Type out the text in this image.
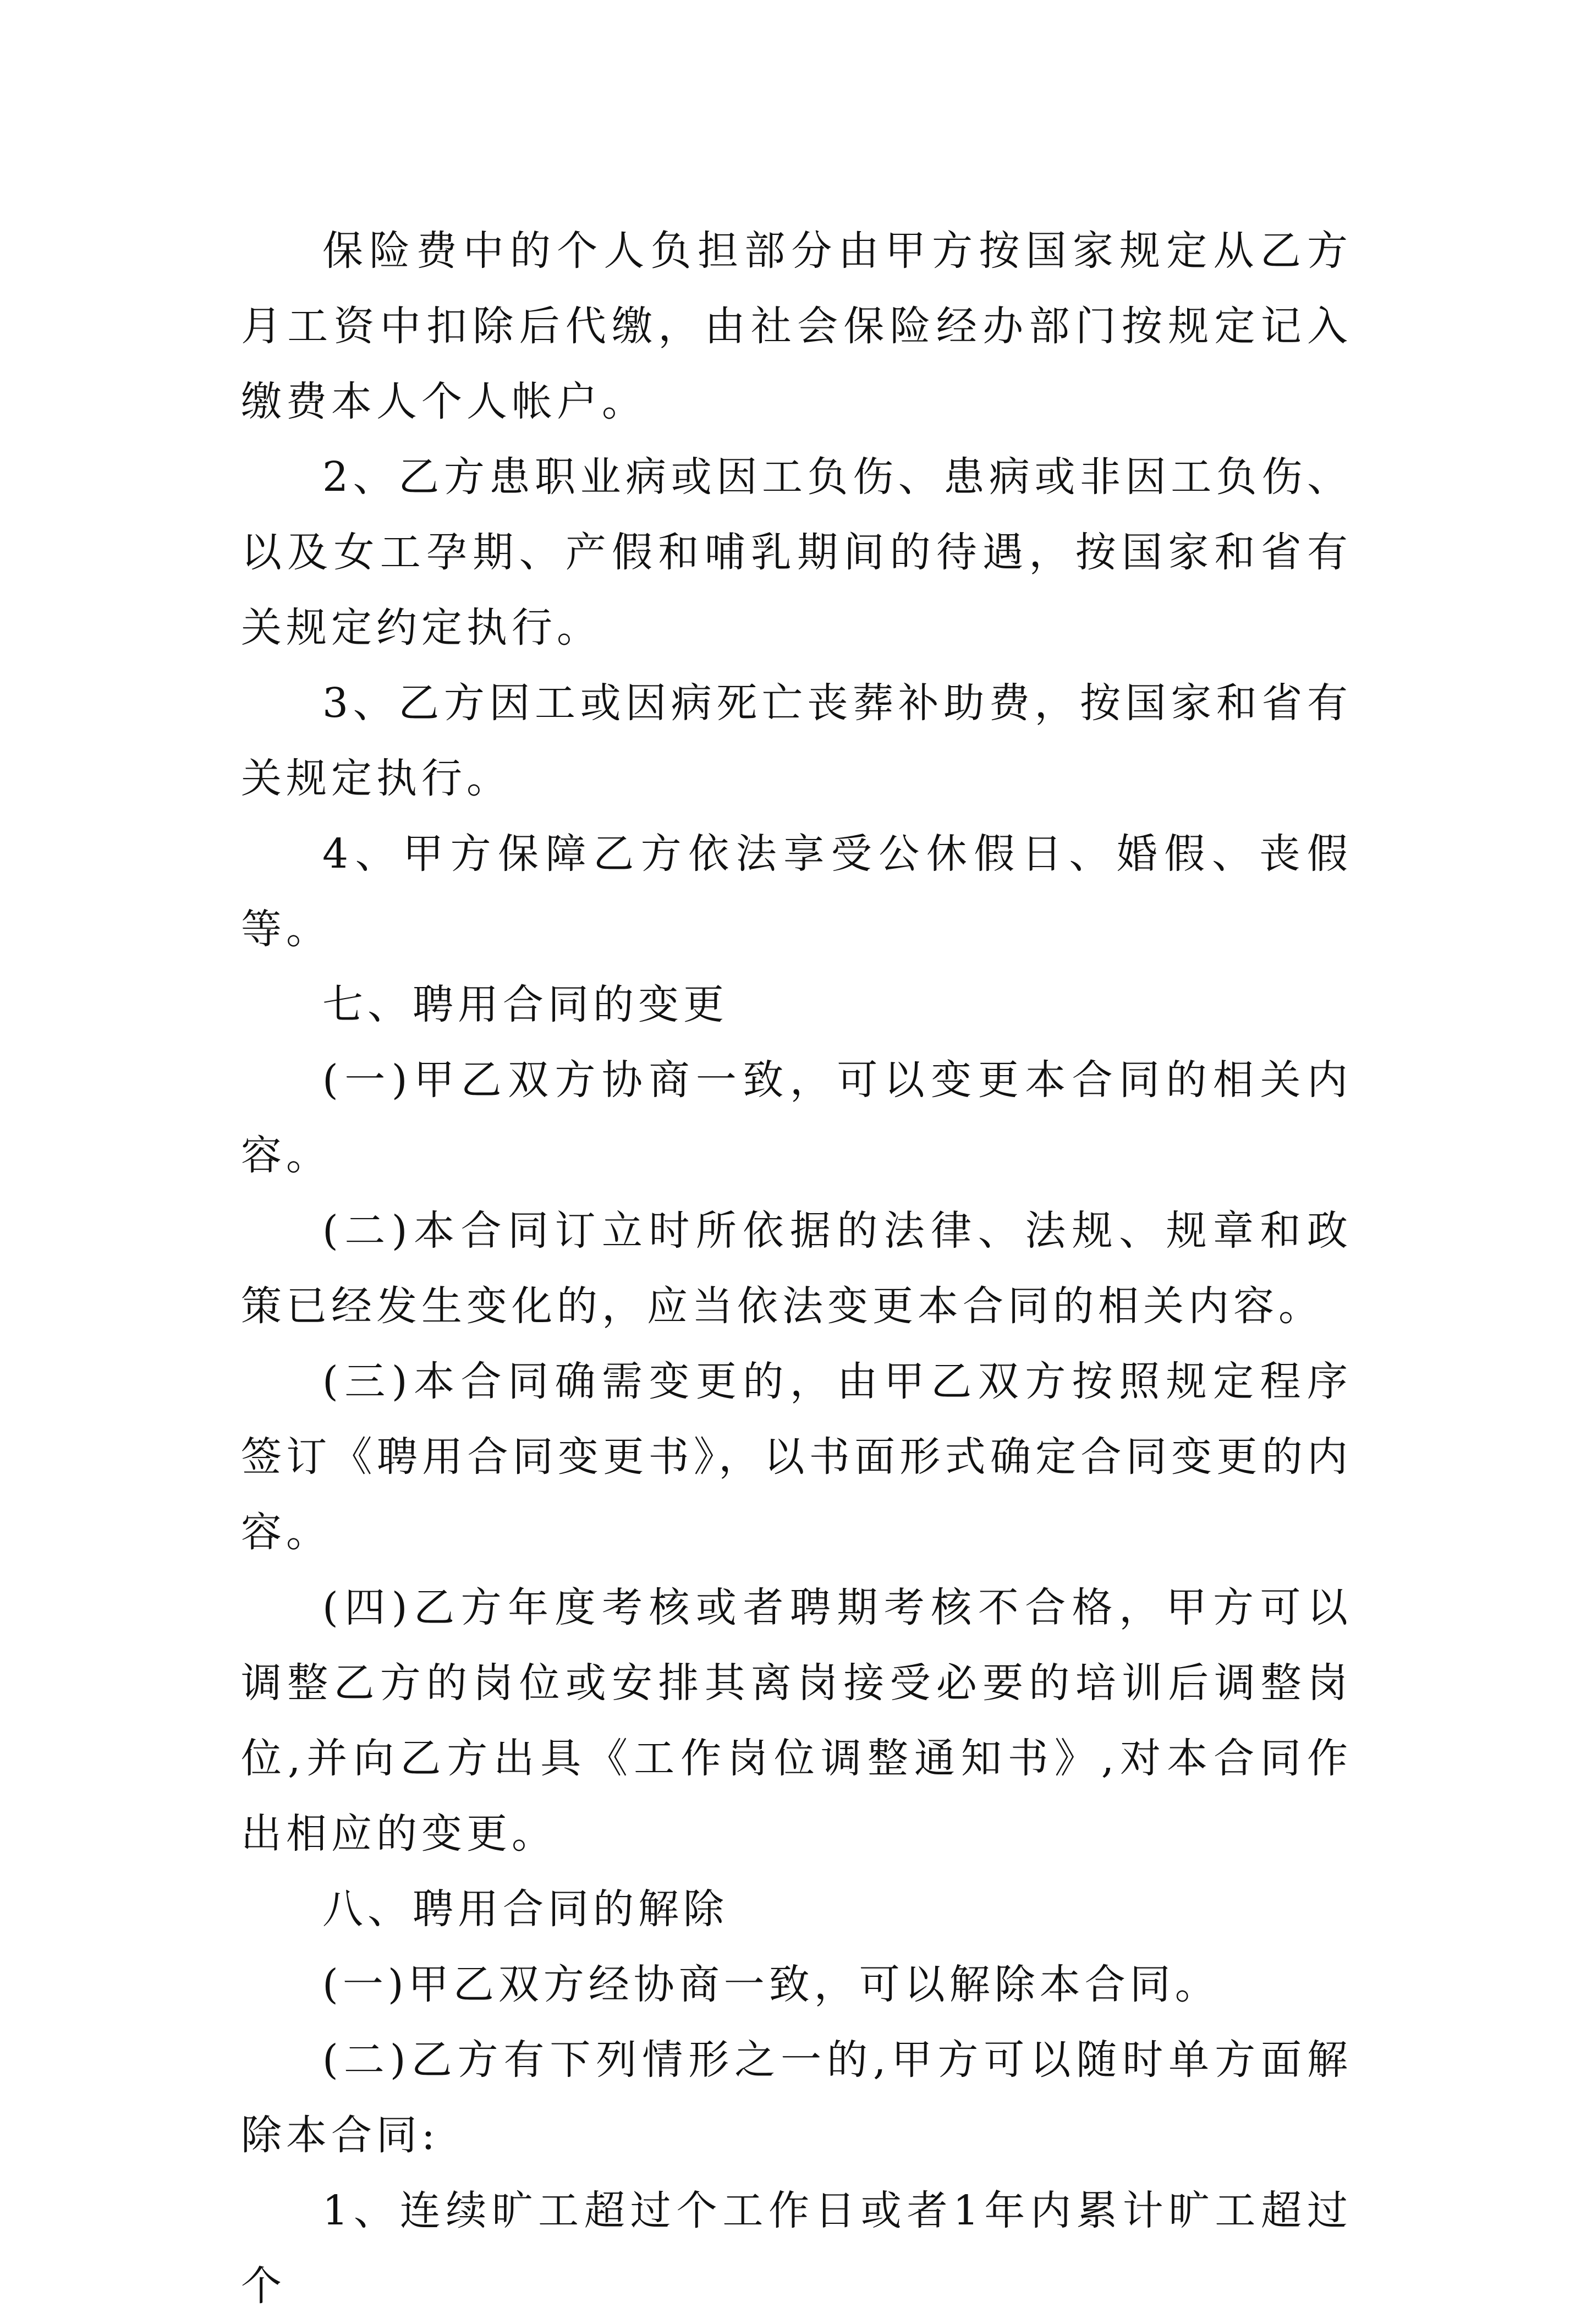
保险费中的个人负担部分由甲方按国家规定从乙方月工资中扣除后代缴，由社会保险经办部门按规定记入缴费本人个人帐户。

2、乙方患职业病或因工负伤、患病或非因工负伤、以及女工孕期、产假和哺乳期间的待遇，按国家和省有关规定约定执行。

3、乙方因工或因病死亡丧葬补助费，按国家和省有关规定执行。

4、甲方保障乙方依法享受公休假日、婚假、丧假等。

七、聘用合同的变更

(一)甲乙双方协商一致，可以变更本合同的相关内容。

(二)本合同订立时所依据的法律、法规、规章和政策已经发生变化的，应当依法变更本合同的相关内容。

(三)本合同确需变更的，由甲乙双方按照规定程序签订《聘用合同变更书》，以书面形式确定合同变更的内容。

(四)乙方年度考核或者聘期考核不合格，甲方可以调整乙方的岗位或安排其离岗接受必要的培训后调整岗位,并向乙方出具《工作岗位调整通知书》,对本合同作出相应的变更。

八、聘用合同的解除

(一)甲乙双方经协商一致，可以解除本合同。

(二)乙方有下列情形之一的,甲方可以随时单方面解除本合同:

1、连续旷工超过个工作日或者1年内累计旷工超过个
